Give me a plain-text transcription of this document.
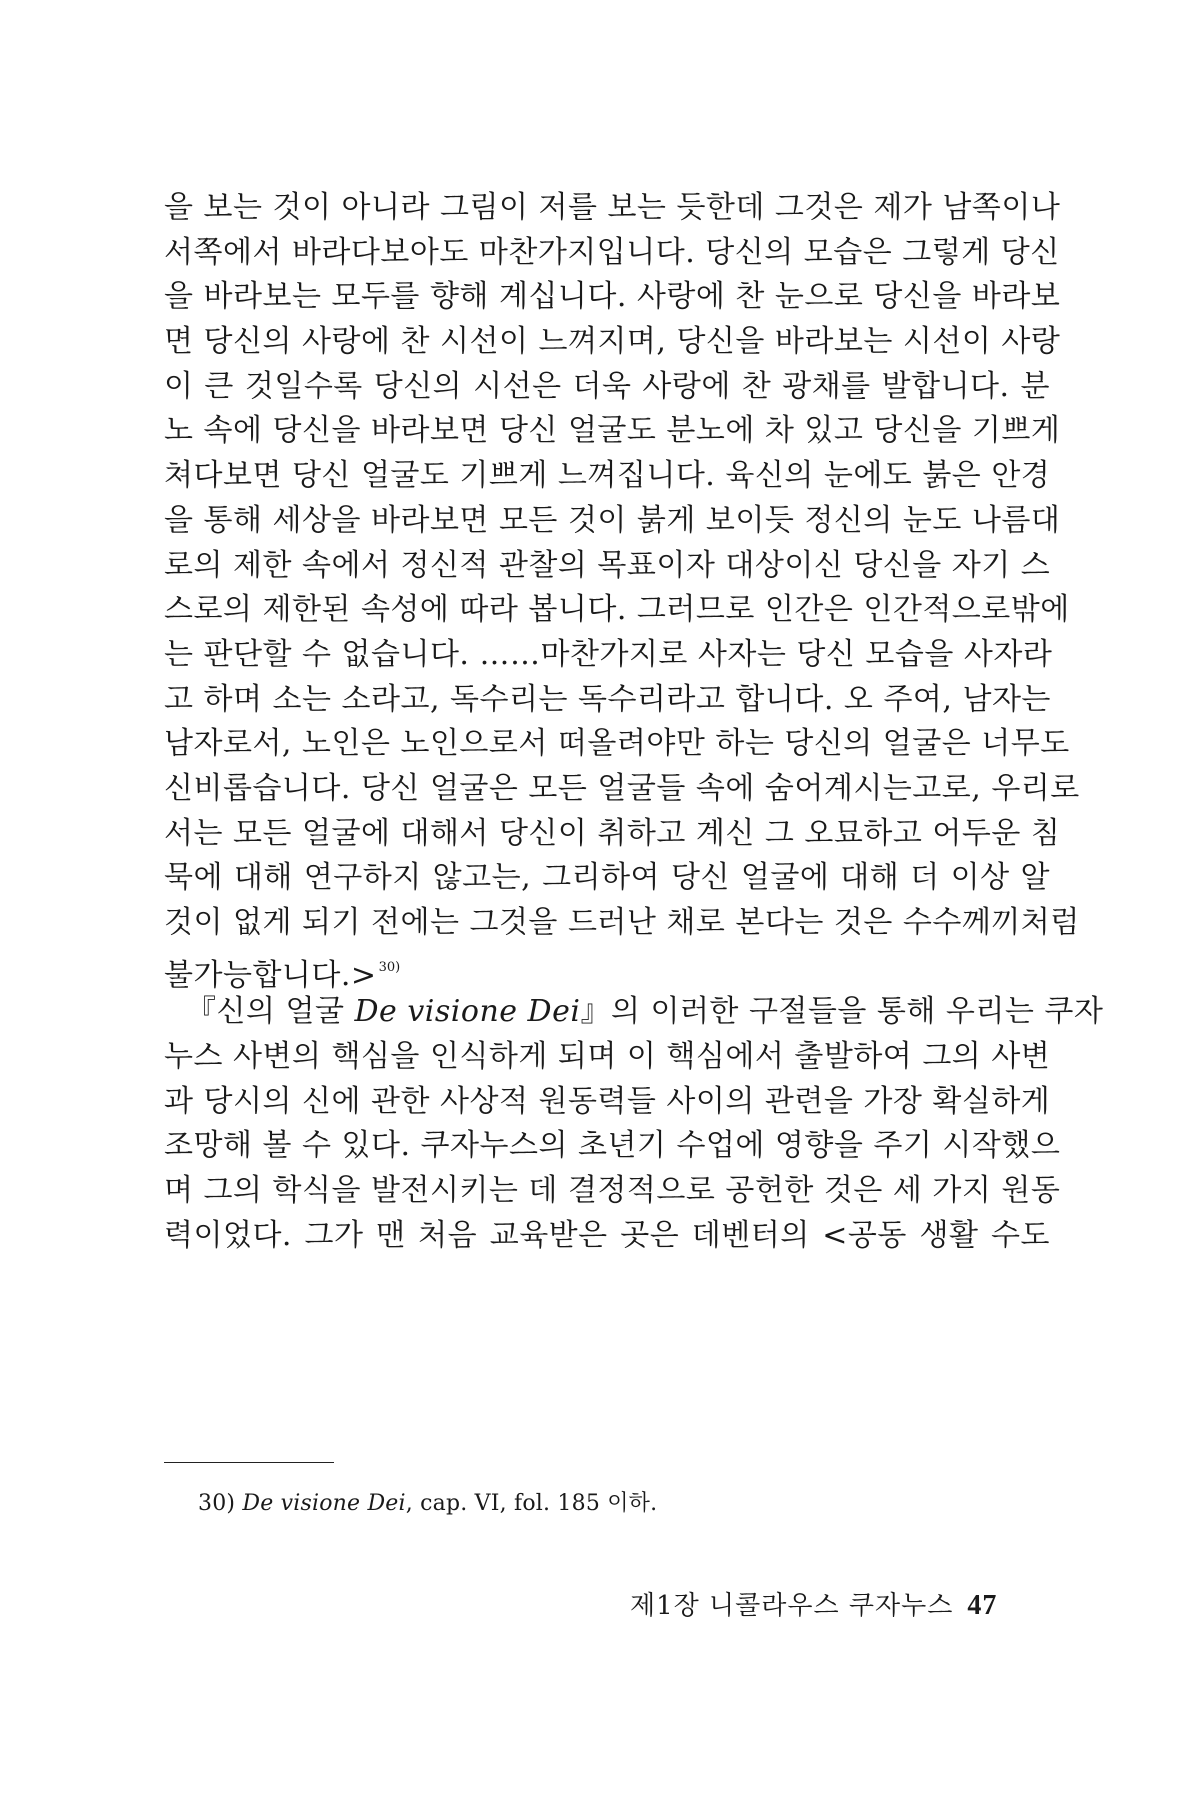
을 보는 것이 아니라 그림이 저를 보는 듯한데 그것은 제가 남쪽이나
서쪽에서 바라다보아도 마찬가지입니다. 당신의 모습은 그렇게 당신
을 바라보는 모두를 향해 계십니다. 사랑에 찬 눈으로 당신을 바라보
면 당신의 사랑에 찬 시선이 느껴지며, 당신을 바라보는 시선이 사랑
이 큰 것일수록 당신의 시선은 더욱 사랑에 찬 광채를 발합니다. 분
노 속에 당신을 바라보면 당신 얼굴도 분노에 차 있고 당신을 기쁘게
쳐다보면 당신 얼굴도 기쁘게 느껴집니다. 육신의 눈에도 붉은 안경
을 통해 세상을 바라보면 모든 것이 붉게 보이듯 정신의 눈도 나름대
로의 제한 속에서 정신적 관찰의 목표이자 대상이신 당신을 자기 스
스로의 제한된 속성에 따라 봅니다. 그러므로 인간은 인간적으로밖에
는 판단할 수 없습니다. ……마찬가지로 사자는 당신 모습을 사자라
고 하며 소는 소라고, 독수리는 독수리라고 합니다. 오 주여, 남자는
남자로서, 노인은 노인으로서 떠올려야만 하는 당신의 얼굴은 너무도
신비롭습니다. 당신 얼굴은 모든 얼굴들 속에 숨어계시는고로, 우리로
서는 모든 얼굴에 대해서 당신이 취하고 계신 그 오묘하고 어두운 침
묵에 대해 연구하지 않고는, 그리하여 당신 얼굴에 대해 더 이상 알
것이 없게 되기 전에는 그것을 드러난 채로 본다는 것은 수수께끼처럼
불가능합니다.> $^{30)}$
『신의 얼굴 De visione Dei』의 이러한 구절들을 통해 우리는 쿠자
누스 사변의 핵심을 인식하게 되며 이 핵심에서 출발하여 그의 사변
과 당시의 신에 관한 사상적 원동력들 사이의 관련을 가장 확실하게
조망해 볼 수 있다. 쿠자누스의 초년기 수업에 영향을 주기 시작했으
며 그의 학식을 발전시키는 데 결정적으로 공헌한 것은 세 가지 원동
력이었다. 그가 맨 처음 교육받은 곳은 데벤터의 <공동 생활 수도
30) De visione Dei, cap. VI, fol. 185 이하.
제1장 니콜라우스 쿠자누스 47
